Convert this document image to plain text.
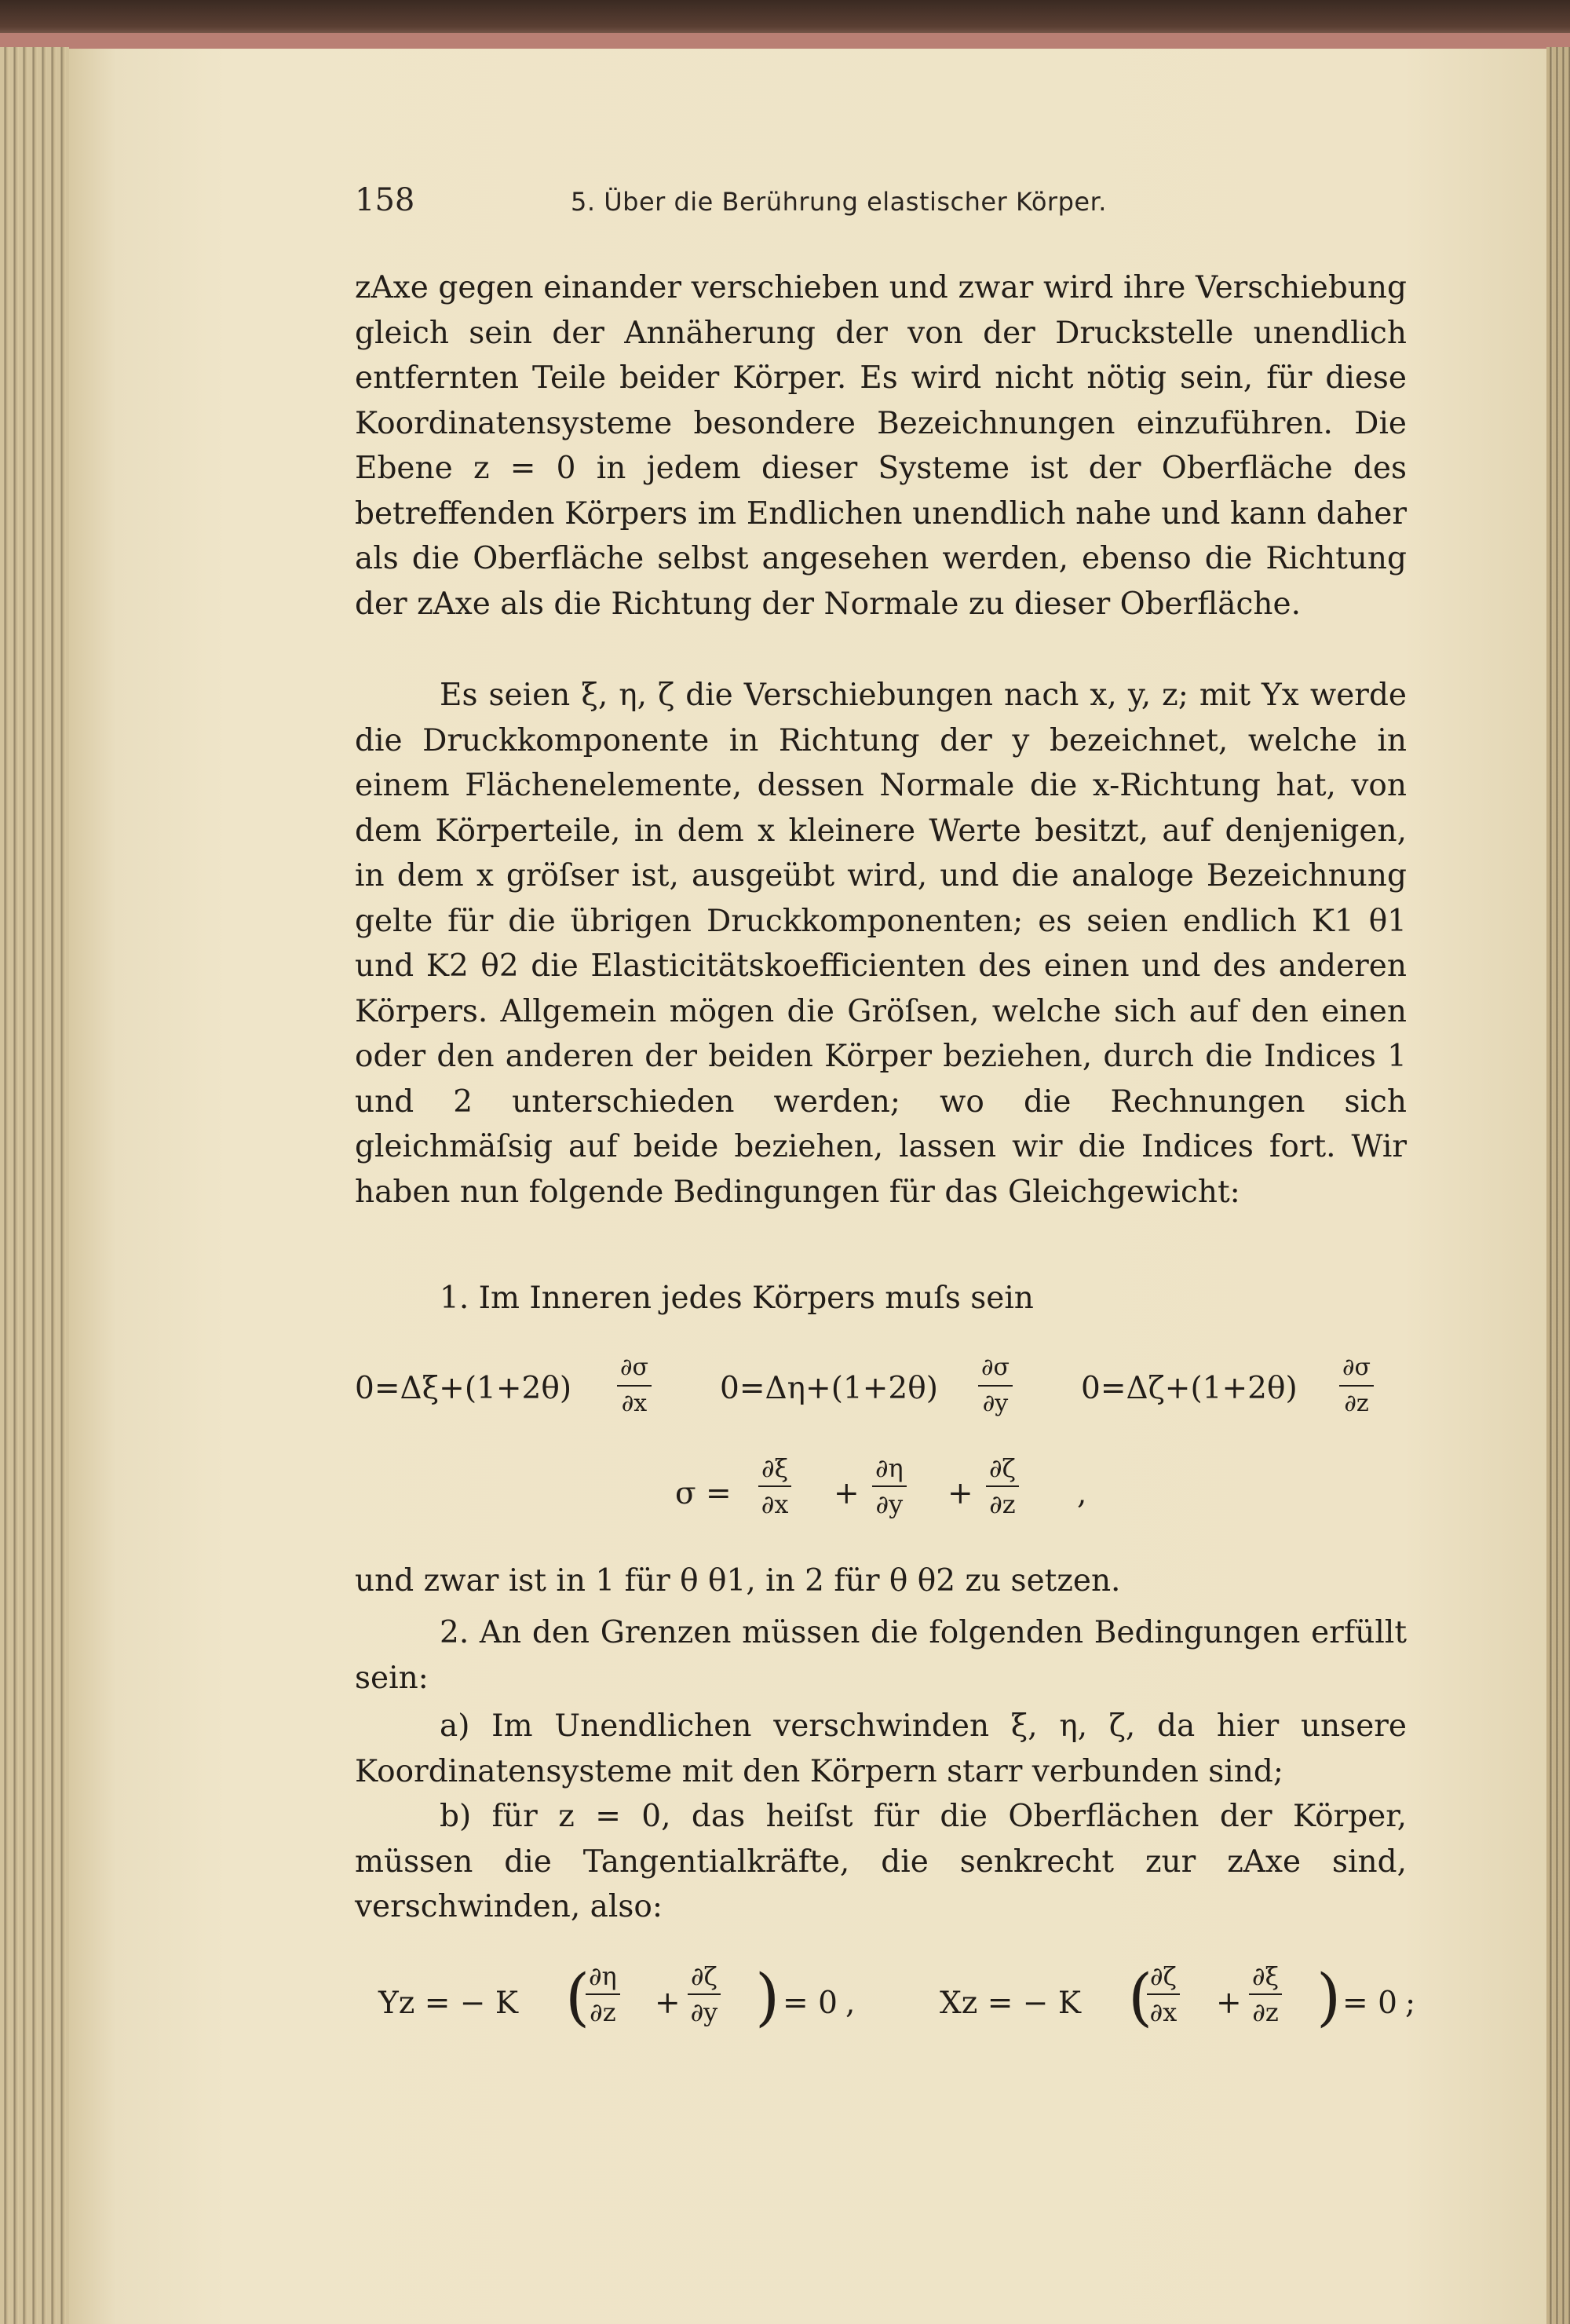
158	5. Über die Berührung elastischer Körper.

zAxe gegen einander verschieben und zwar wird ihre Verschiebung gleich sein der Annäherung der von der Druckstelle unendlich entfernten Teile beider Körper. Es wird nicht nötig sein, für diese Koordinatensysteme besondere Bezeichnungen einzuführen. Die Ebene z = 0 in jedem dieser Systeme ist der Oberfläche des betreffenden Körpers im Endlichen unendlich nahe und kann daher als die Oberfläche selbst angesehen werden, ebenso die Richtung der zAxe als die Richtung der Normale zu dieser Oberfläche.

Es seien ξ, η, ζ die Verschiebungen nach x, y, z; mit Yx werde die Druckkomponente in Richtung der y bezeichnet, welche in einem Flächenelemente, dessen Normale die x-Richtung hat, von dem Körperteile, in dem x kleinere Werte besitzt, auf denjenigen, in dem x gröſser ist, ausgeübt wird, und die analoge Bezeichnung gelte für die übrigen Druckkomponenten; es seien endlich K1 θ1 und K2 θ2 die Elasticitätskoefficienten des einen und des anderen Körpers. Allgemein mögen die Gröſsen, welche sich auf den einen oder den anderen der beiden Körper beziehen, durch die Indices 1 und 2 unterschieden werden; wo die Rechnungen sich gleichmäſsig auf beide beziehen, lassen wir die Indices fort. Wir haben nun folgende Bedingungen für das Gleichgewicht:

1. Im Inneren jedes Körpers muſs sein

$0=\Delta\xi+(1+2\theta) \frac{\partial\sigma}{\partial x} 0=\Delta\eta+(1+2\theta) \frac{\partial\sigma}{\partial y} 0=\Delta\zeta+(1+2\theta) \frac{\partial\sigma}{\partial z}$
$\sigma = \frac{\partial\xi}{\partial x} + \frac{\partial\eta}{\partial y} + \frac{\partial\zeta}{\partial z}$ ,

und zwar ist in 1 für θ θ1, in 2 für θ θ2 zu setzen.

2. An den Grenzen müssen die folgenden Bedingungen erfüllt sein:

a) Im Unendlichen verschwinden ξ, η, ζ, da hier unsere Koordinatensysteme mit den Körpern starr verbunden sind;

b) für z = 0, das heiſst für die Oberflächen der Körper, müssen die Tangentialkräfte, die senkrecht zur zAxe sind, verschwinden, also:

Yz = − K (
$\frac{\partial\eta}{\partial z} + \frac{\partial\zeta}{\partial y}$ ) = 0 ,	Xz = − K (
$\frac{\partial\zeta}{\partial x} + \frac{\partial\xi}{\partial z}$ ) = 0 ;
